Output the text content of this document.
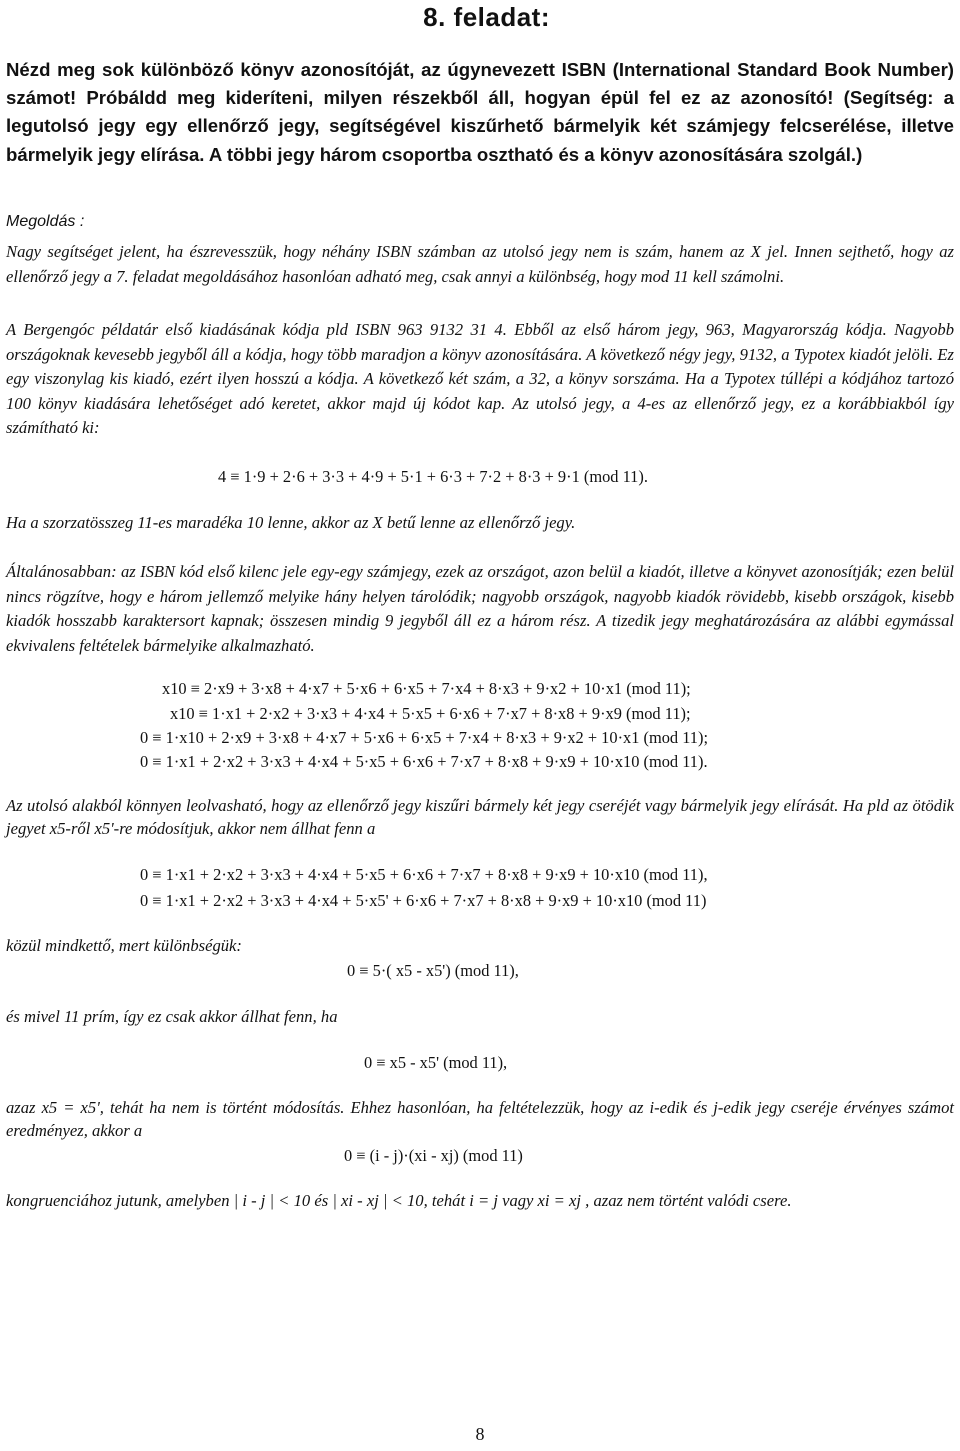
8. feladat:

Nézd meg sok különböző könyv azonosítóját, az úgynevezett ISBN (International Standard Book Number) számot! Próbáldd meg kideríteni, milyen részekből áll, hogyan épül fel ez az azonosító! (Segítség: a legutolsó jegy egy ellenőrző jegy, segítségével kiszűrhető bármelyik két számjegy felcserélése, illetve bármelyik jegy elírása. A többi jegy három csoportba osztható és a könyv azonosítására szolgál.)

Megoldás :

Nagy segítséget jelent, ha észrevesszük, hogy néhány ISBN számban az utolsó jegy nem is szám, hanem az X jel. Innen sejthető, hogy az ellenőrző jegy a 7. feladat megoldásához hasonlóan adható meg, csak annyi a különbség, hogy mod 11 kell számolni.

A Bergengóc példatár első kiadásának kódja pld ISBN 963 9132 31 4. Ebből az első három jegy, 963, Magyarország kódja. Nagyobb országoknak kevesebb jegyből áll a kódja, hogy több maradjon a könyv azonosítására. A következő négy jegy, 9132, a Typotex kiadót jelöli. Ez egy viszonylag kis kiadó, ezért ilyen hosszú a kódja. A következő két szám, a 32, a könyv sorszáma. Ha a Typotex túllépi a kódjához tartozó 100 könyv kiadására lehetőséget adó keretet, akkor majd új kódot kap. Az utolsó jegy, a 4-es az ellenőrző jegy, ez a korábbiakból így számítható ki:

4 ≡ 1·9 + 2·6 + 3·3 + 4·9 + 5·1 + 6·3 + 7·2 + 8·3 + 9·1 (mod 11).

Ha a szorzatösszeg 11-es maradéka 10 lenne, akkor az X betű lenne az ellenőrző jegy.

Általánosabban: az ISBN kód első kilenc jele egy-egy számjegy, ezek az országot, azon belül a kiadót, illetve a könyvet azonosítják; ezen belül nincs rögzítve, hogy e három jellemző melyike hány helyen tárolódik; nagyobb országok, nagyobb kiadók rövidebb, kisebb országok, kisebb kiadók hosszabb karaktersort kapnak; összesen mindig 9 jegyből áll ez a három rész. A tizedik jegy meghatározására az alábbi egymással ekvivalens feltételek bármelyike alkalmazható.

x10 ≡ 2·x9 + 3·x8 + 4·x7 + 5·x6 + 6·x5 + 7·x4 + 8·x3 + 9·x2 + 10·x1 (mod 11);

x10 ≡ 1·x1 + 2·x2 + 3·x3 + 4·x4 + 5·x5 + 6·x6 + 7·x7 + 8·x8 + 9·x9 (mod 11);

0 ≡ 1·x10 + 2·x9 + 3·x8 + 4·x7 + 5·x6 + 6·x5 + 7·x4 + 8·x3 + 9·x2 + 10·x1 (mod 11);

0 ≡ 1·x1 + 2·x2 + 3·x3 + 4·x4 + 5·x5 + 6·x6 + 7·x7 + 8·x8 + 9·x9 + 10·x10 (mod 11).

Az utolsó alakból könnyen leolvasható, hogy az ellenőrző jegy kiszűri bármely két jegy cseréjét vagy bármelyik jegy elírását. Ha pld az ötödik jegyet x5-ről x5'-re módosítjuk, akkor nem állhat fenn a

0 ≡ 1·x1 + 2·x2 + 3·x3 + 4·x4 + 5·x5 + 6·x6 + 7·x7 + 8·x8 + 9·x9 + 10·x10 (mod 11),

0 ≡ 1·x1 + 2·x2 + 3·x3 + 4·x4 + 5·x5' + 6·x6 + 7·x7 + 8·x8 + 9·x9 + 10·x10 (mod 11)

közül mindkettő, mert különbségük:

0 ≡ 5·( x5 - x5') (mod 11),

és mivel 11 prím, így ez csak akkor állhat fenn, ha

0 ≡ x5 - x5' (mod 11),

azaz x5 = x5', tehát ha nem is történt módosítás. Ehhez hasonlóan, ha feltételezzük, hogy az i-edik és j-edik jegy cseréje érvényes számot eredményez, akkor a

0 ≡ (i - j)·(xi - xj) (mod 11)

kongruenciához jutunk, amelyben | i - j | < 10 és | xi - xj | < 10, tehát i = j vagy xi = xj , azaz nem történt valódi csere.

8
